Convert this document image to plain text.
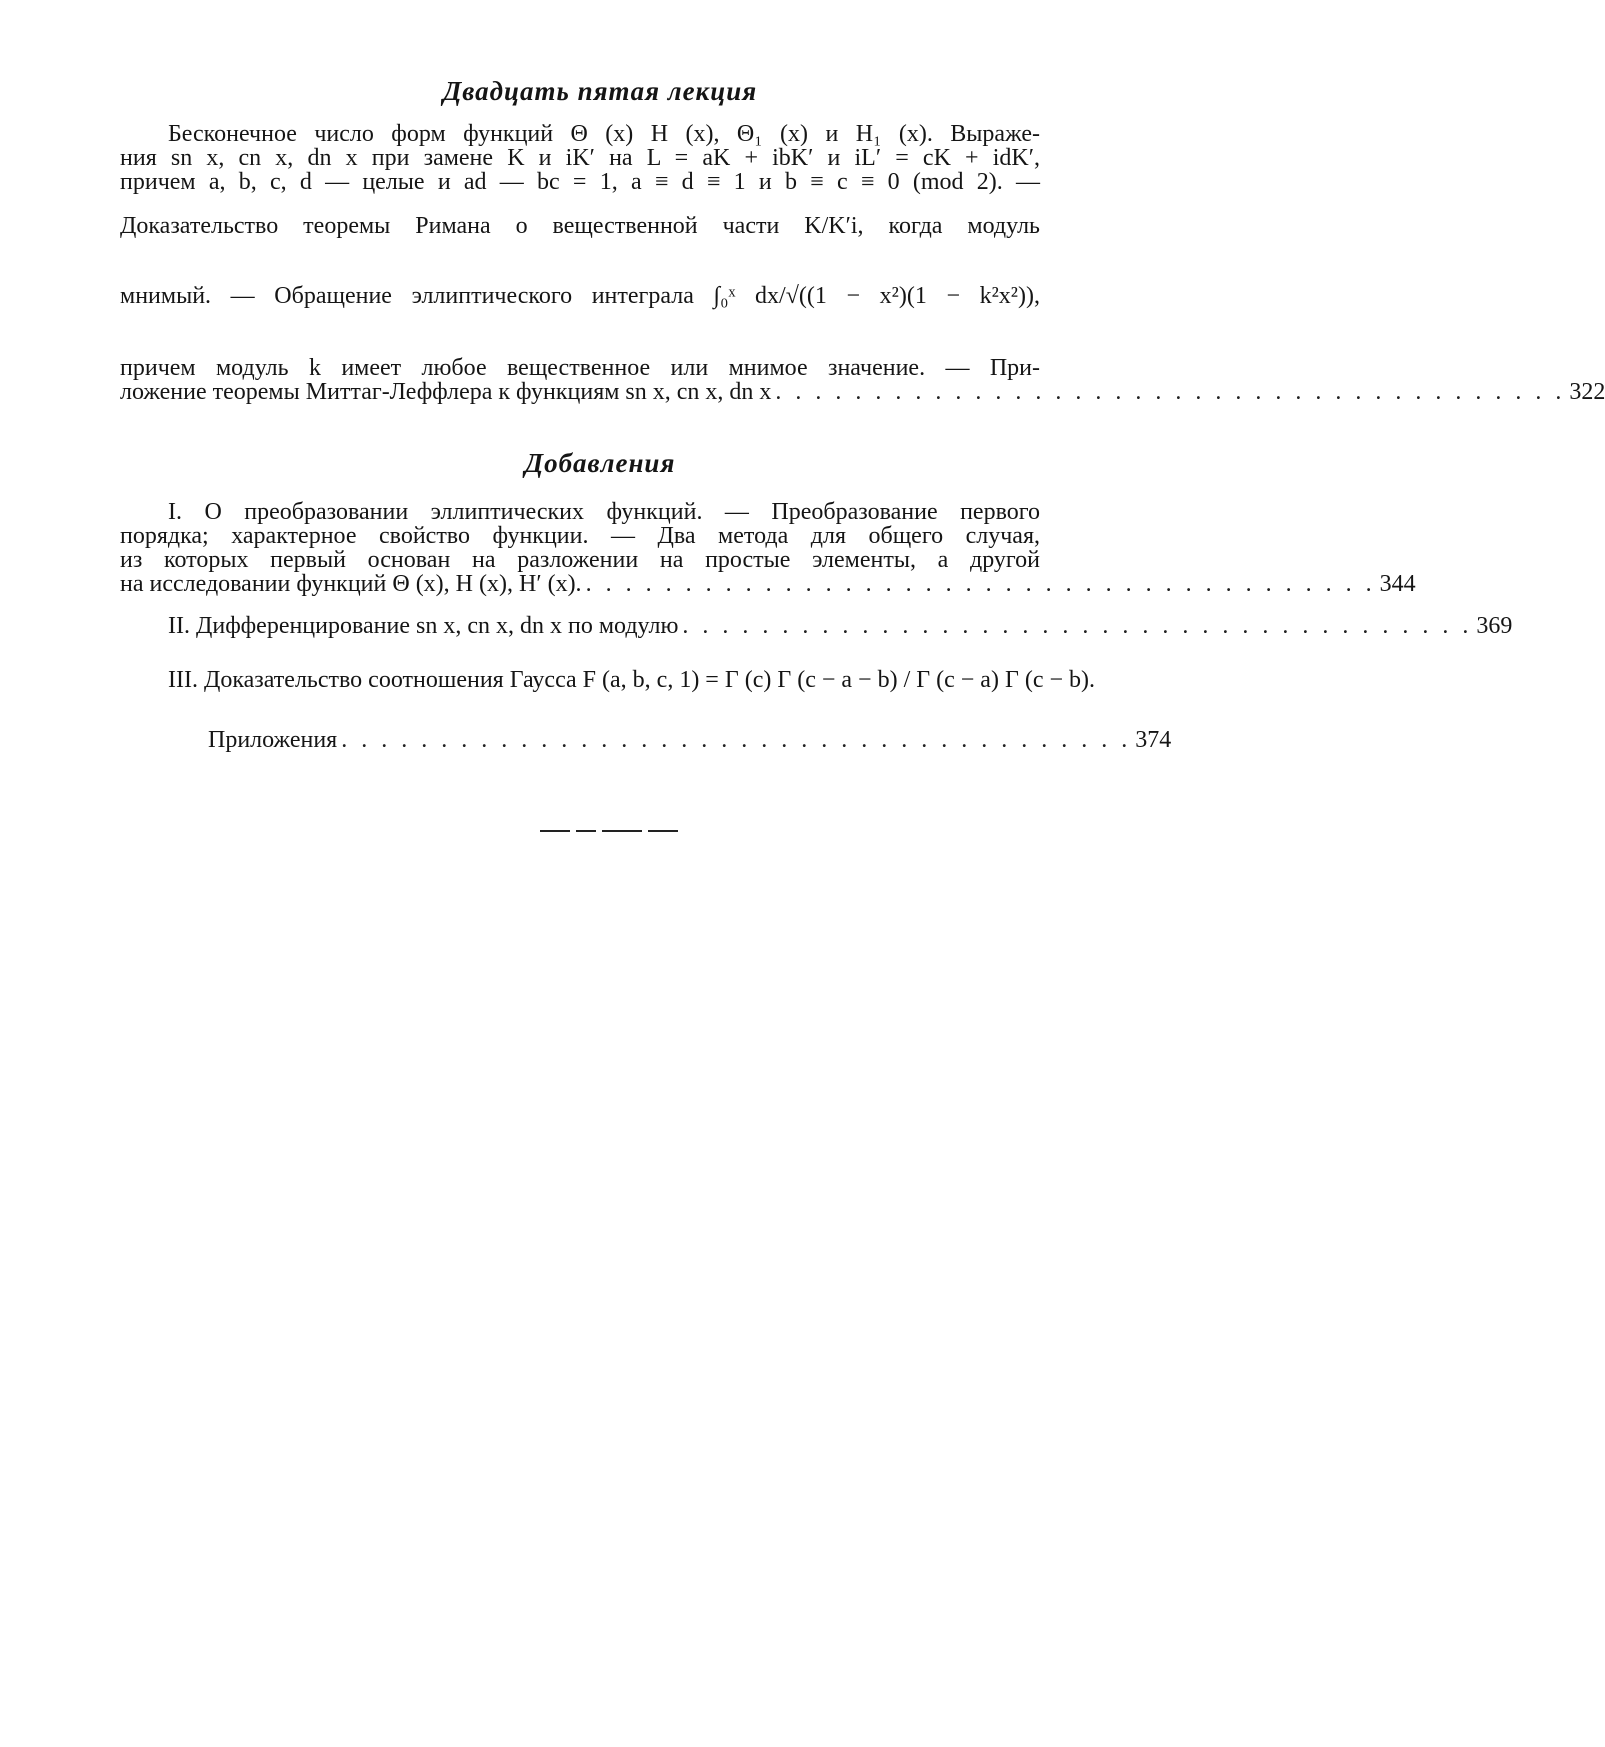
Двадцать пятая лекция
Бесконечное число форм функций Θ (x) H (x), Θ₁ (x) и H₁ (x). Выраже-
ния sn x, cn x, dn x при замене K и iK′ на L = aK + ibK′ и iL′ = cK + idK′,
причем a, b, c, d — целые и ad — bc = 1, a ≡ d ≡ 1 и b ≡ c ≡ 0 (mod 2). —
Доказательство теоремы Римана о вещественной части K/K′i, когда модуль
мнимый. — Обращение эллиптического интеграла ∫₀ˣ dx/√((1 − x²)(1 − k²x²)),
причем модуль k имеет любое вещественное или мнимое значение. — При-
ложение теоремы Миттаг-Леффлера к функциям sn x, cn x, dn x . . . . . . . . . . . . . . . . . . . . . . . . . . . . . . . . . . . . . . . . 322
Добавления
I. О преобразовании эллиптических функций. — Преобразование первого
порядка; характерное свойство функции. — Два метода для общего случая,
из которых первый основан на разложении на простые элементы, а другой
на исследовании функций Θ (x), H (x), H′ (x). . . . . . . . . . . . . . . . . . . . . . . . . . . . . . . . . . . . . . . . . 344
II. Дифференцирование sn x, cn x, dn x по модулю . . . . . . . . . . . . . . . . . . . . . . . . . . . . . . . . . . . . . . . . 369
III. Доказательство соотношения Гаусса F (a, b, c, 1) = Γ (c) Γ (c − a − b) / Γ (c − a) Γ (c − b).
Приложения . . . . . . . . . . . . . . . . . . . . . . . . . . . . . . . . . . . . . . . . 374
